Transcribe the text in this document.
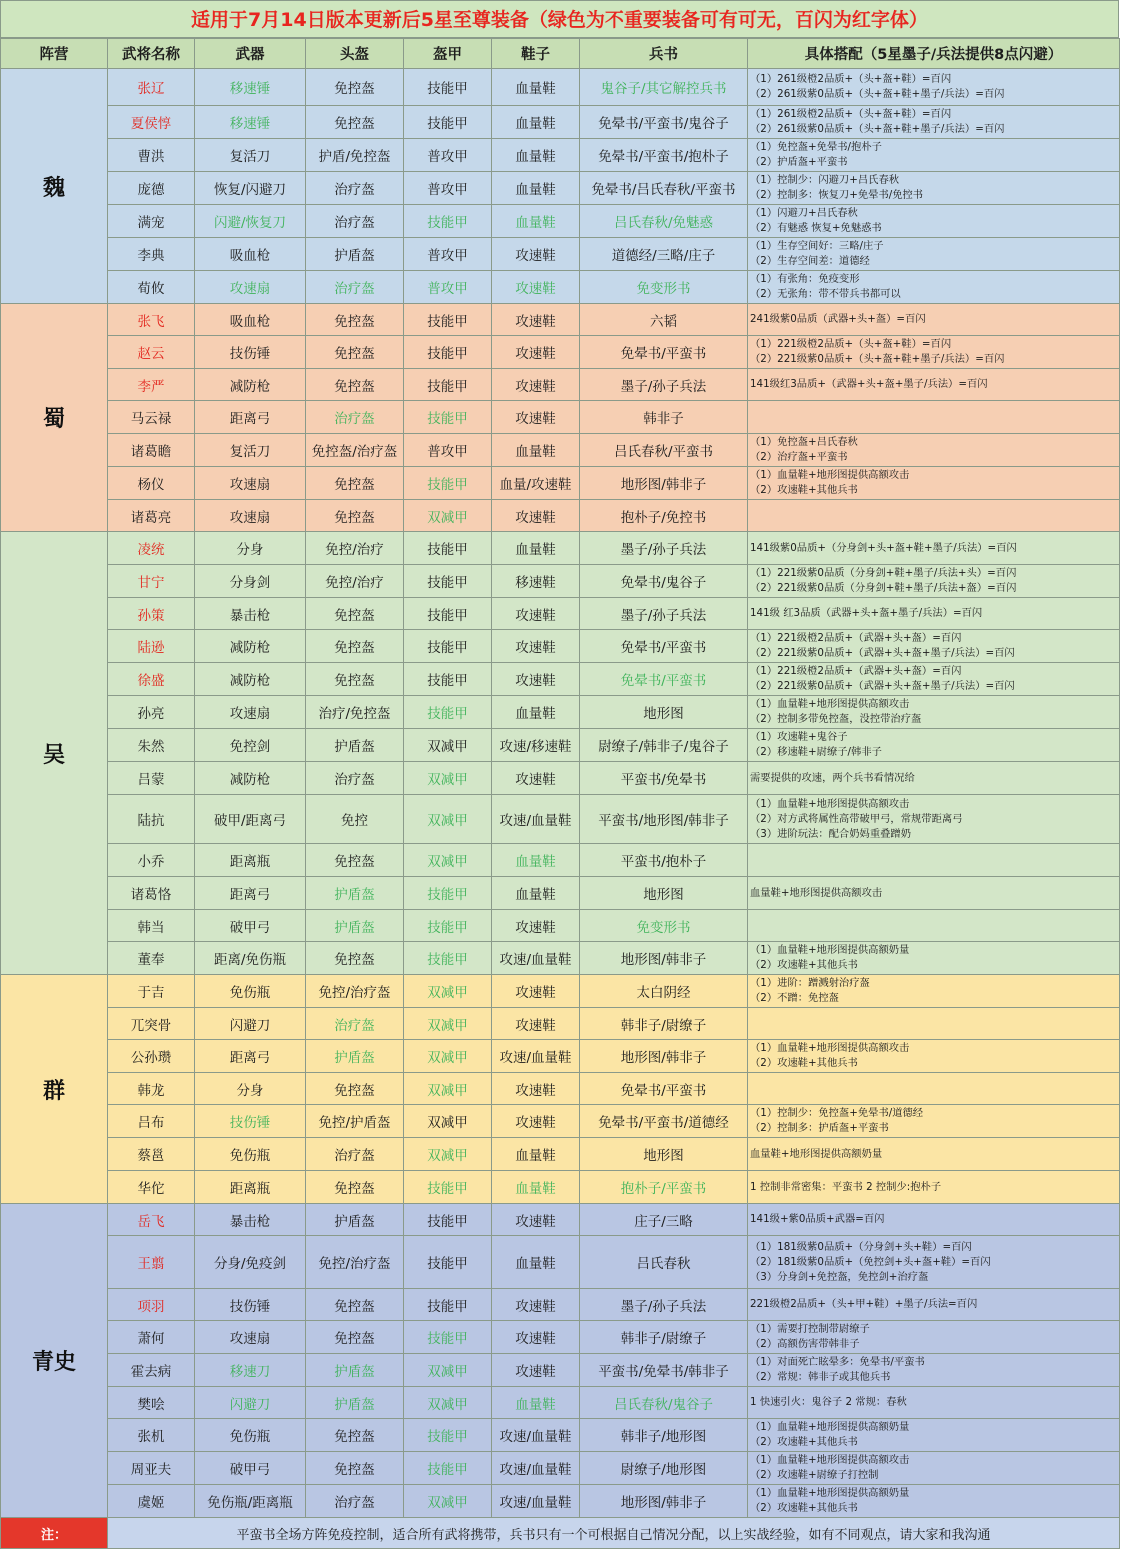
适用于7月14日版本更新后5星至尊装备（绿色为不重要装备可有可无，百闪为红字体）
阵营	武将名称	武器	头盔	盔甲	鞋子	兵书	具体搭配（5星墨子/兵法提供8点闪避）
魏	张辽	移速锤	免控盔	技能甲	血量鞋	鬼谷子/其它解控兵书	（1）261级橙2品质+（头+盔+鞋）=百闪
（2）261级紫0品质+（头+盔+鞋+墨子/兵法）=百闪

	夏侯惇	移速锤	免控盔	技能甲	血量鞋	免晕书/平蛮书/鬼谷子	（1）261级橙2品质+（头+盔+鞋）=百闪
（2）261级紫0品质+（头+盔+鞋+墨子/兵法）=百闪

	曹洪	复活刀	护盾/免控盔	普攻甲	血量鞋	免晕书/平蛮书/抱朴子	（1）免控盔+免晕书/抱朴子
（2）护盾盔+平蛮书

	庞德	恢复/闪避刀	治疗盔	普攻甲	血量鞋	免晕书/吕氏春秋/平蛮书	（1）控制少：闪避刀+吕氏春秋
（2）控制多：恢复刀+免晕书/免控书

	满宠	闪避/恢复刀	治疗盔	技能甲	血量鞋	吕氏春秋/免魅惑	（1）闪避刀+吕氏春秋
（2）有魅惑 恢复+免魅惑书

	李典	吸血枪	护盾盔	普攻甲	攻速鞋	道德经/三略/庄子	（1）生存空间好：三略/庄子
（2）生存空间差：道德经

	荀攸	攻速扇	治疗盔	普攻甲	攻速鞋	免变形书	（1）有张角：免疫变形
（2）无张角：带不带兵书都可以

蜀	张飞	吸血枪	免控盔	技能甲	攻速鞋	六韬	241级紫0品质（武器+头+盔）=百闪

	赵云	技伤锤	免控盔	技能甲	攻速鞋	免晕书/平蛮书	（1）221级橙2品质+（头+盔+鞋）=百闪
（2）221级紫0品质+（头+盔+鞋+墨子/兵法）=百闪

	李严	减防枪	免控盔	技能甲	攻速鞋	墨子/孙子兵法	141级红3品质+（武器+头+盔+墨子/兵法）=百闪

	马云禄	距离弓	治疗盔	技能甲	攻速鞋	韩非子	
	诸葛瞻	复活刀	免控盔/治疗盔	普攻甲	血量鞋	吕氏春秋/平蛮书	（1）免控盔+吕氏春秋
（2）治疗盔+平蛮书

	杨仪	攻速扇	免控盔	技能甲	血量/攻速鞋	地形图/韩非子	（1）血量鞋+地形图提供高额攻击
（2）攻速鞋+其他兵书

	诸葛亮	攻速扇	免控盔	双减甲	攻速鞋	抱朴子/免控书	
吴	凌统	分身	免控/治疗	技能甲	血量鞋	墨子/孙子兵法	141级紫0品质+（分身剑+头+盔+鞋+墨子/兵法）=百闪

	甘宁	分身剑	免控/治疗	技能甲	移速鞋	免晕书/鬼谷子	（1）221级紫0品质（分身剑+鞋+墨子/兵法+头）=百闪
（2）221级紫0品质（分身剑+鞋+墨子/兵法+盔）=百闪

	孙策	暴击枪	免控盔	技能甲	攻速鞋	墨子/孙子兵法	141级 红3品质（武器+头+盔+墨子/兵法）=百闪

	陆逊	减防枪	免控盔	技能甲	攻速鞋	免晕书/平蛮书	（1）221级橙2品质+（武器+头+盔）=百闪
（2）221级紫0品质+（武器+头+盔+墨子/兵法）=百闪

	徐盛	减防枪	免控盔	技能甲	攻速鞋	免晕书/平蛮书	（1）221级橙2品质+（武器+头+盔）=百闪
（2）221级紫0品质+（武器+头+盔+墨子/兵法）=百闪

	孙亮	攻速扇	治疗/免控盔	技能甲	血量鞋	地形图	（1）血量鞋+地形图提供高额攻击
（2）控制多带免控盔，没控带治疗盔

	朱然	免控剑	护盾盔	双减甲	攻速/移速鞋	尉缭子/韩非子/鬼谷子	（1）攻速鞋+鬼谷子
（2）移速鞋+尉缭子/韩非子

	吕蒙	减防枪	治疗盔	双减甲	攻速鞋	平蛮书/免晕书	需要提供的攻速，两个兵书看情况给

	陆抗	破甲/距离弓	免控	双减甲	攻速/血量鞋	平蛮书/地形图/韩非子	（1）血量鞋+地形图提供高额攻击
（2）对方武将属性高带破甲弓，常规带距离弓
（3）进阶玩法：配合奶妈重叠蹭奶

	小乔	距离瓶	免控盔	双减甲	血量鞋	平蛮书/抱朴子	
	诸葛恪	距离弓	护盾盔	技能甲	血量鞋	地形图	血量鞋+地形图提供高额攻击

	韩当	破甲弓	护盾盔	技能甲	攻速鞋	免变形书	
	董奉	距离/免伤瓶	免控盔	技能甲	攻速/血量鞋	地形图/韩非子	（1）血量鞋+地形图提供高额奶量
（2）攻速鞋+其他兵书

群	于吉	免伤瓶	免控/治疗盔	双减甲	攻速鞋	太白阴经	（1）进阶：蹭溅射治疗盔
（2）不蹭：免控盔

	兀突骨	闪避刀	治疗盔	双减甲	攻速鞋	韩非子/尉缭子	
	公孙瓒	距离弓	护盾盔	双减甲	攻速/血量鞋	地形图/韩非子	（1）血量鞋+地形图提供高额攻击
（2）攻速鞋+其他兵书

	韩龙	分身	免控盔	双减甲	攻速鞋	免晕书/平蛮书	
	吕布	技伤锤	免控/护盾盔	双减甲	攻速鞋	免晕书/平蛮书/道德经	（1）控制少：免控盔+免晕书/道德经
（2）控制多：护盾盔+平蛮书

	蔡邕	免伤瓶	治疗盔	双减甲	血量鞋	地形图	血量鞋+地形图提供高额奶量

	华佗	距离瓶	免控盔	技能甲	血量鞋	抱朴子/平蛮书	1 控制非常密集：平蛮书 2 控制少:抱朴子

青史	岳飞	暴击枪	护盾盔	技能甲	攻速鞋	庄子/三略	141级+紫0品质+武器=百闪

	王翦	分身/免疫剑	免控/治疗盔	技能甲	血量鞋	吕氏春秋	（1）181级紫0品质+（分身剑+头+鞋）=百闪
（2）181级紫0品质+（免控剑+头+盔+鞋）=百闪
（3）分身剑+免控盔，免控剑+治疗盔

	项羽	技伤锤	免控盔	技能甲	攻速鞋	墨子/孙子兵法	221级橙2品质+（头+甲+鞋）+墨子/兵法=百闪

	萧何	攻速扇	免控盔	技能甲	攻速鞋	韩非子/尉缭子	（1）需要打控制带尉缭子
（2）高额伤害带韩非子

	霍去病	移速刀	护盾盔	双减甲	攻速鞋	平蛮书/免晕书/韩非子	（1）对面死亡眩晕多：免晕书/平蛮书
（2）常规：韩非子或其他兵书

	樊哙	闪避刀	护盾盔	双减甲	血量鞋	吕氏春秋/鬼谷子	1 快速引火：鬼谷子 2 常规：春秋

	张机	免伤瓶	免控盔	技能甲	攻速/血量鞋	韩非子/地形图	（1）血量鞋+地形图提供高额奶量
（2）攻速鞋+其他兵书

	周亚夫	破甲弓	免控盔	技能甲	攻速/血量鞋	尉缭子/地形图	（1）血量鞋+地形图提供高额攻击
（2）攻速鞋+尉缭子打控制

	虞姬	免伤瓶/距离瓶	治疗盔	双减甲	攻速/血量鞋	地形图/韩非子	（1）血量鞋+地形图提供高额奶量
（2）攻速鞋+其他兵书

注：	平蛮书全场方阵免疫控制，适合所有武将携带，兵书只有一个可根据自己情况分配，以上实战经验，如有不同观点，请大家和我沟通						
